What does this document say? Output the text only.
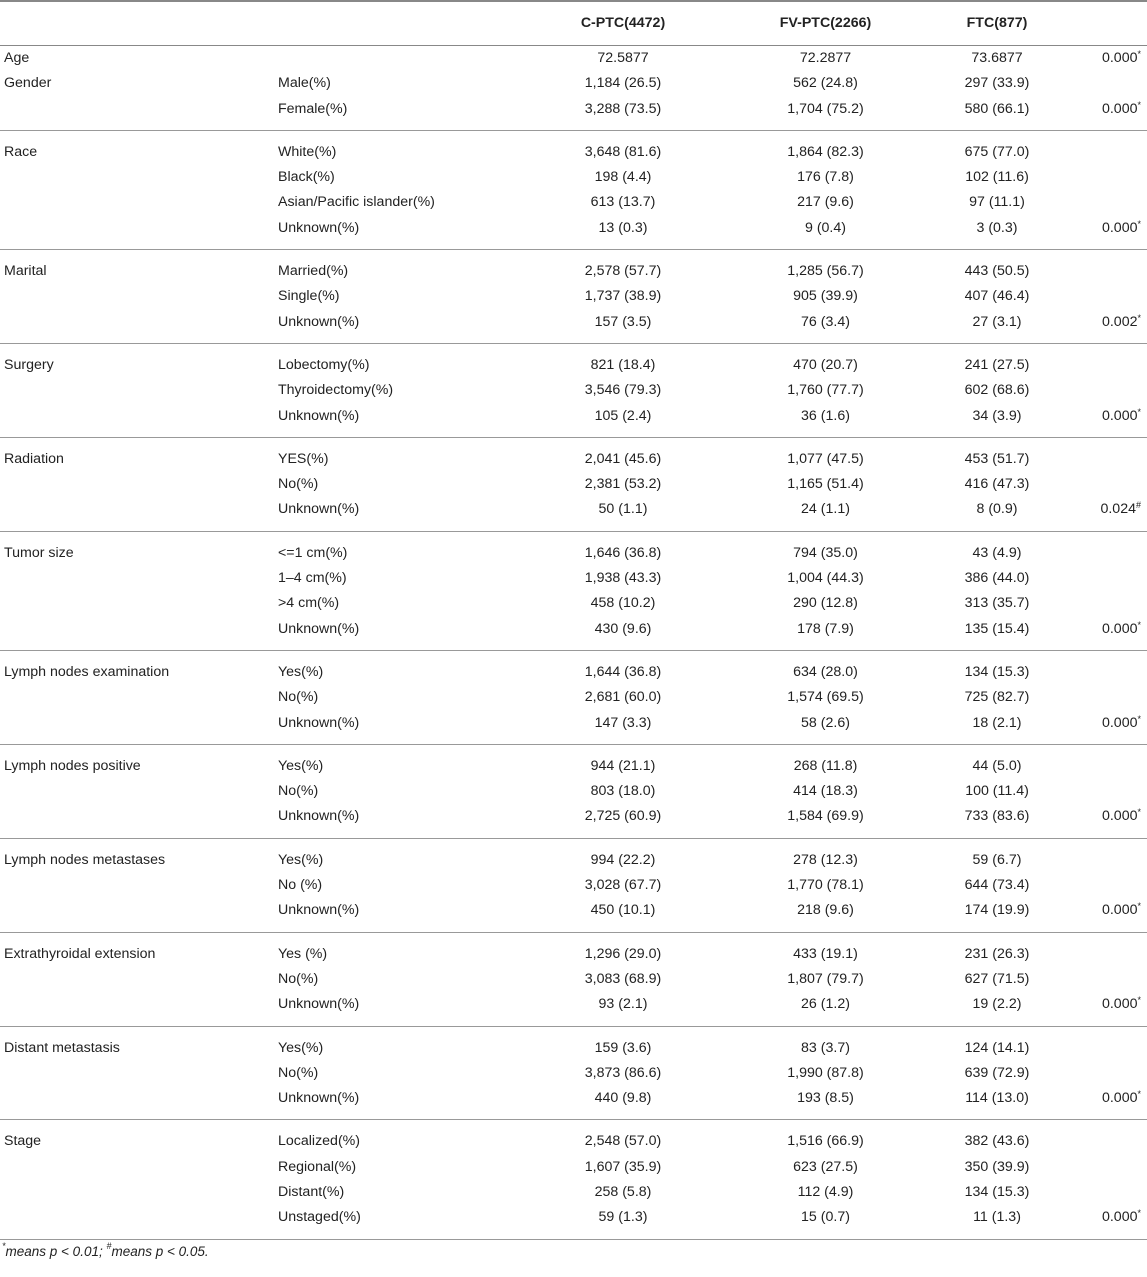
		C-PTC(4472)	FV-PTC(2266)	FTC(877)	
Age		72.5877	72.2877	73.6877	0.000*
Gender	Male(%)	1,184 (26.5)	562 (24.8)	297 (33.9)	
	Female(%)	3,288 (73.5)	1,704 (75.2)	580 (66.1)	0.000*
Race	White(%)	3,648 (81.6)	1,864 (82.3)	675 (77.0)	
	Black(%)	198 (4.4)	176 (7.8)	102 (11.6)	
	Asian/Pacific islander(%)	613 (13.7)	217 (9.6)	97 (11.1)	
	Unknown(%)	13 (0.3)	9 (0.4)	3 (0.3)	0.000*
Marital	Married(%)	2,578 (57.7)	1,285 (56.7)	443 (50.5)	
	Single(%)	1,737 (38.9)	905 (39.9)	407 (46.4)	
	Unknown(%)	157 (3.5)	76 (3.4)	27 (3.1)	0.002*
Surgery	Lobectomy(%)	821 (18.4)	470 (20.7)	241 (27.5)	
	Thyroidectomy(%)	3,546 (79.3)	1,760 (77.7)	602 (68.6)	
	Unknown(%)	105 (2.4)	36 (1.6)	34 (3.9)	0.000*
Radiation	YES(%)	2,041 (45.6)	1,077 (47.5)	453 (51.7)	
	No(%)	2,381 (53.2)	1,165 (51.4)	416 (47.3)	
	Unknown(%)	50 (1.1)	24 (1.1)	8 (0.9)	0.024#
Tumor size	<=1 cm(%)	1,646 (36.8)	794 (35.0)	43 (4.9)	
	1–4 cm(%)	1,938 (43.3)	1,004 (44.3)	386 (44.0)	
	>4 cm(%)	458 (10.2)	290 (12.8)	313 (35.7)	
	Unknown(%)	430 (9.6)	178 (7.9)	135 (15.4)	0.000*
Lymph nodes examination	Yes(%)	1,644 (36.8)	634 (28.0)	134 (15.3)	
	No(%)	2,681 (60.0)	1,574 (69.5)	725 (82.7)	
	Unknown(%)	147 (3.3)	58 (2.6)	18 (2.1)	0.000*
Lymph nodes positive	Yes(%)	944 (21.1)	268 (11.8)	44 (5.0)	
	No(%)	803 (18.0)	414 (18.3)	100 (11.4)	
	Unknown(%)	2,725 (60.9)	1,584 (69.9)	733 (83.6)	0.000*
Lymph nodes metastases	Yes(%)	994 (22.2)	278 (12.3)	59 (6.7)	
	No (%)	3,028 (67.7)	1,770 (78.1)	644 (73.4)	
	Unknown(%)	450 (10.1)	218 (9.6)	174 (19.9)	0.000*
Extrathyroidal extension	Yes (%)	1,296 (29.0)	433 (19.1)	231 (26.3)	
	No(%)	3,083 (68.9)	1,807 (79.7)	627 (71.5)	
	Unknown(%)	93 (2.1)	26 (1.2)	19 (2.2)	0.000*
Distant metastasis	Yes(%)	159 (3.6)	83 (3.7)	124 (14.1)	
	No(%)	3,873 (86.6)	1,990 (87.8)	639 (72.9)	
	Unknown(%)	440 (9.8)	193 (8.5)	114 (13.0)	0.000*
Stage	Localized(%)	2,548 (57.0)	1,516 (66.9)	382 (43.6)	
	Regional(%)	1,607 (35.9)	623 (27.5)	350 (39.9)	
	Distant(%)	258 (5.8)	112 (4.9)	134 (15.3)	
	Unstaged(%)	59 (1.3)	15 (0.7)	11 (1.3)	0.000*
*means p < 0.01; #means p < 0.05.
